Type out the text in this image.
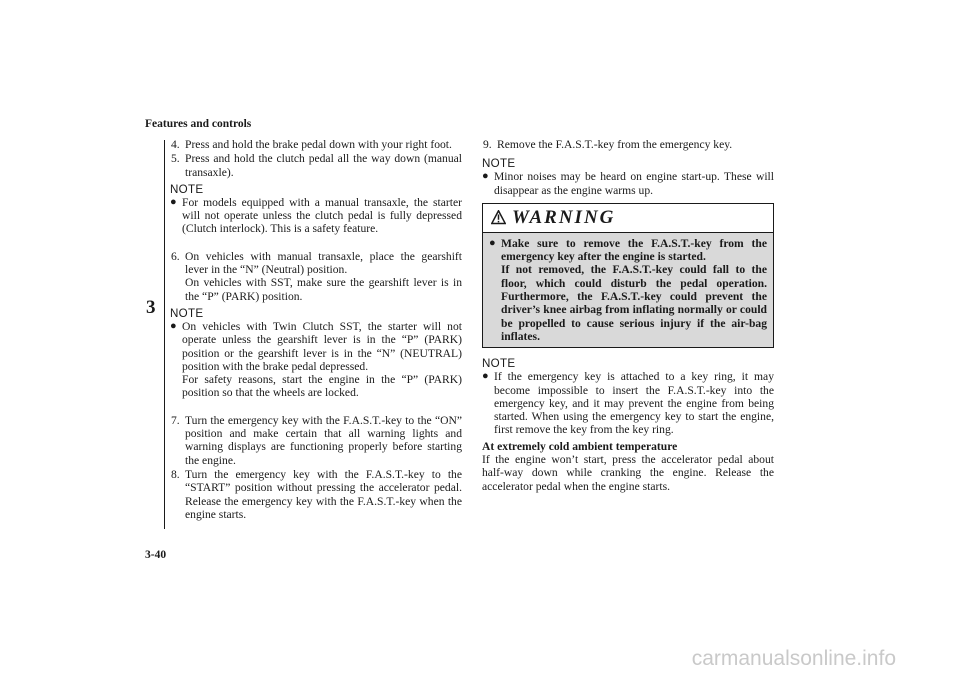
Features and controls
3
3-40
4. Press and hold the brake pedal down with your right foot.

5. Press and hold the clutch pedal all the way down (manual transaxle).

NOTE
● For models equipped with a manual transaxle, the starter will not operate unless the clutch pedal is fully depressed (Clutch interlock). This is a safety feature.

6. On vehicles with manual transaxle, place the gearshift lever in the “N” (Neutral) position.

On vehicles with SST, make sure the gearshift lever is in the “P” (PARK) position.

NOTE
● On vehicles with Twin Clutch SST, the starter will not operate unless the gearshift lever is in the “P” (PARK) position or the gearshift lever is in the “N” (NEUTRAL) position with the brake pedal depressed.

For safety reasons, start the engine in the “P” (PARK) position so that the wheels are locked.

7. Turn the emergency key with the F.A.S.T.-key to the “ON” position and make certain that all warning lights and warning displays are functioning properly before starting the engine.

8. Turn the emergency key with the F.A.S.T.-key to the “START” position without pressing the accelerator pedal. Release the emergency key with the F.A.S.T.-key when the engine starts.

9. Remove the F.A.S.T.-key from the emergency key.

NOTE
● Minor noises may be heard on engine start-up. These will disappear as the engine warms up.

WARNING
● Make sure to remove the F.A.S.T.-key from the emergency key after the engine is started.

If not removed, the F.A.S.T.-key could fall to the floor, which could disturb the pedal operation. Furthermore, the F.A.S.T.-key could prevent the driver’s knee airbag from inflating normally or could be propelled to cause serious injury if the air-bag inflates.

NOTE
● If the emergency key is attached to a key ring, it may become impossible to insert the F.A.S.T.-key into the emergency key, and it may prevent the engine from being started. When using the emergency key to start the engine, first remove the key from the key ring.

At extremely cold ambient temperature

If the engine won’t start, press the accelerator pedal about half-way down while cranking the engine. Release the accelerator pedal when the engine starts.

carmanualsonline.info
